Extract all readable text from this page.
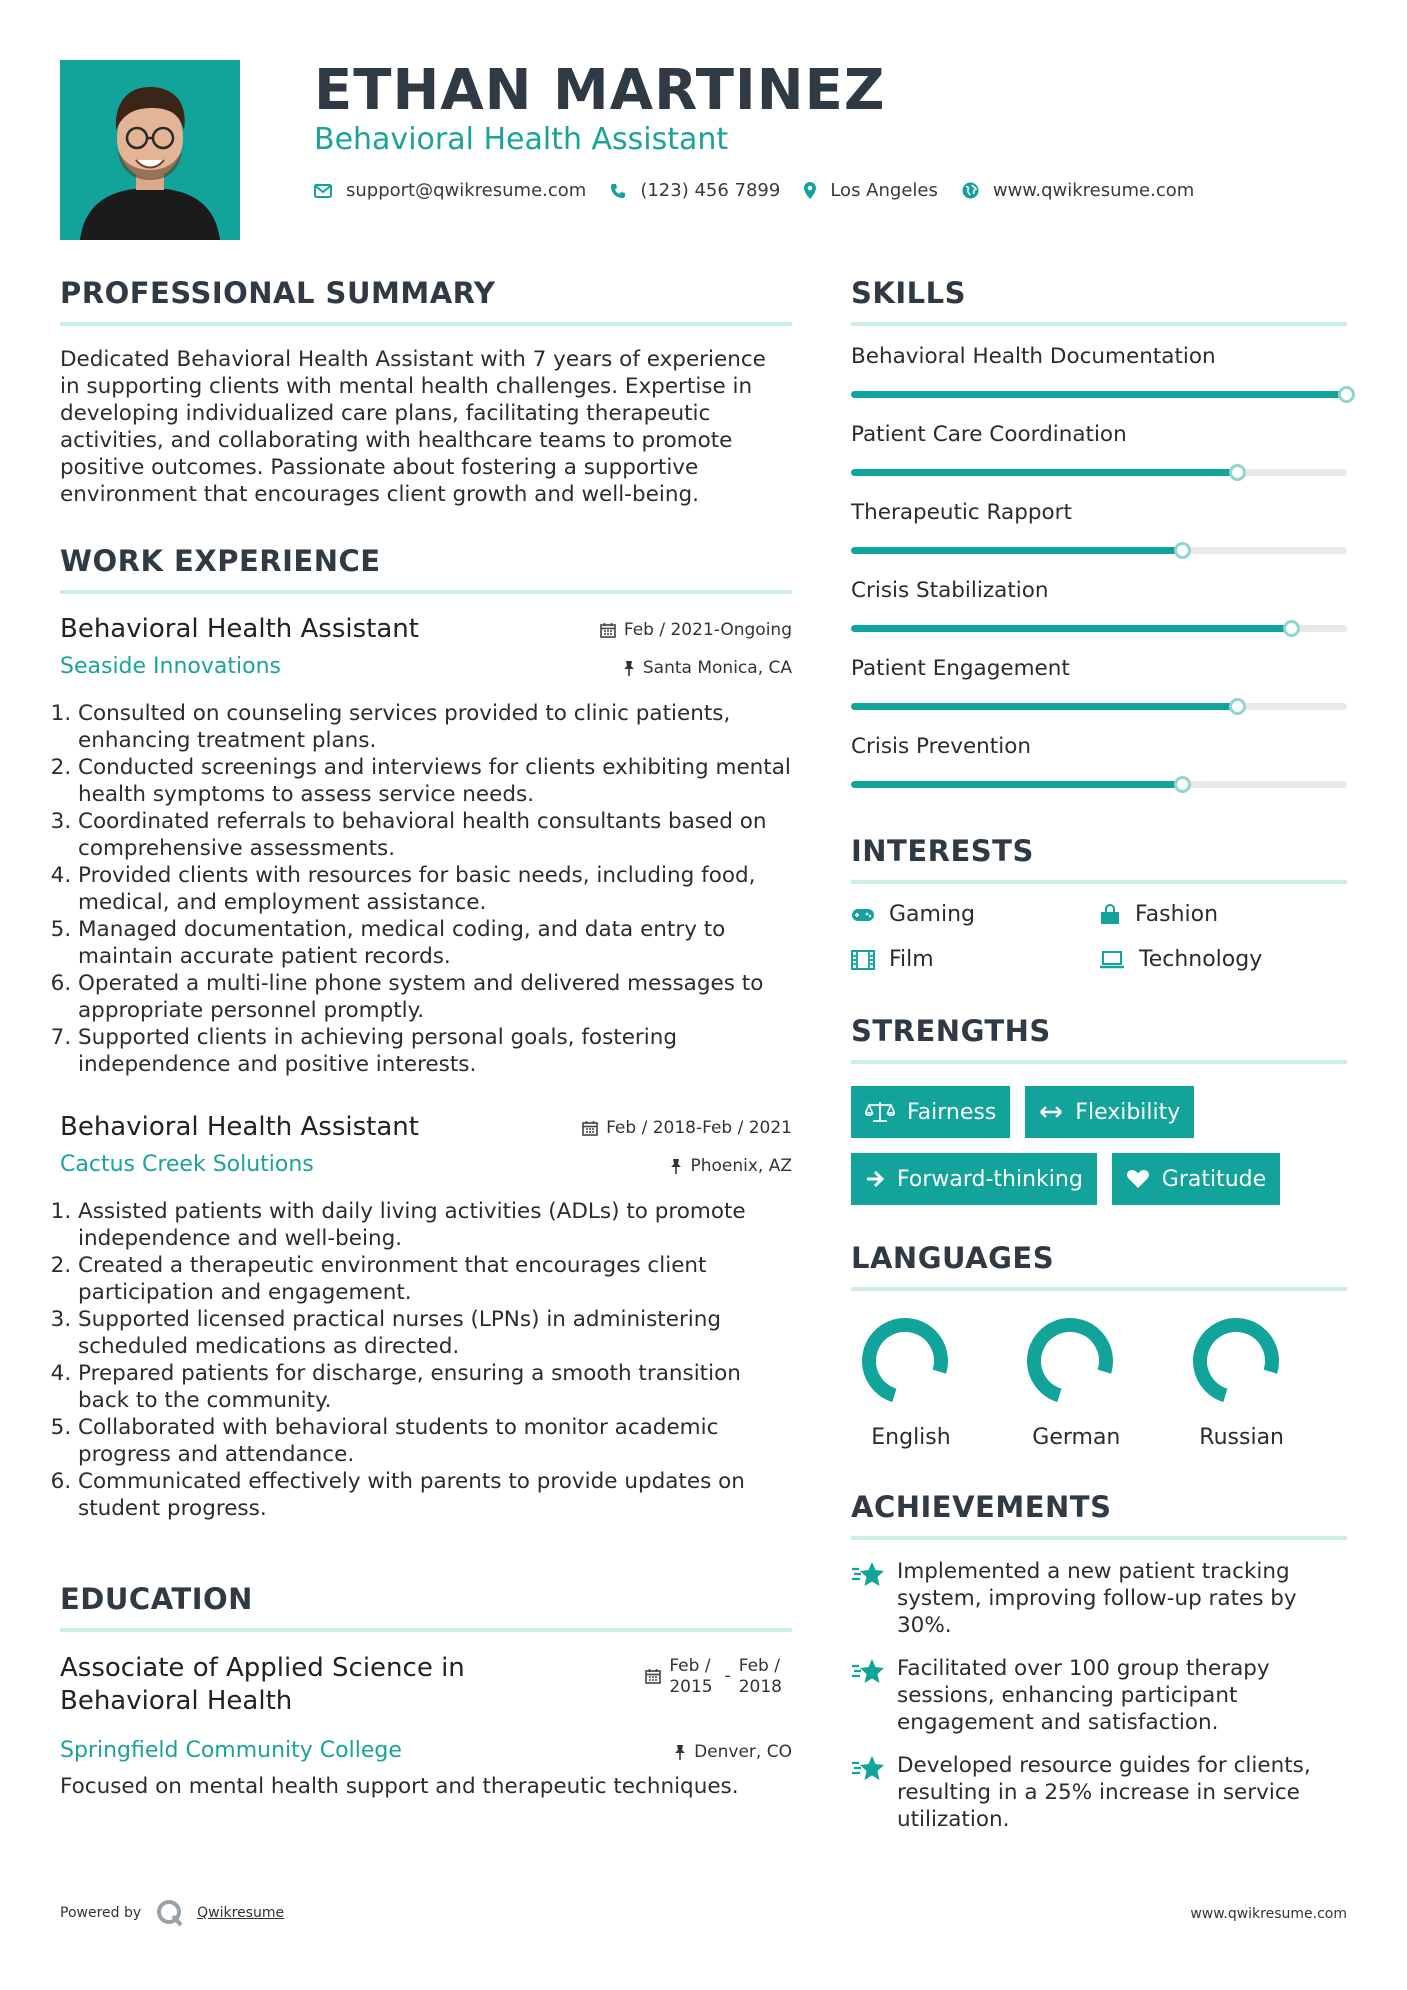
ETHAN MARTINEZ
Behavioral Health Assistant
support@qwikresume.com	(123) 456 7899	Los Angeles	www.qwikresume.com
PROFESSIONAL SUMMARY

Dedicated Behavioral Health Assistant with 7 years of experience in supporting clients with mental health challenges. Expertise in developing individualized care plans, facilitating therapeutic activities, and collaborating with healthcare teams to promote positive outcomes. Passionate about fostering a supportive environment that encourages client growth and well-being.

WORK EXPERIENCE
Behavioral Health Assistant	Feb / 2021-Ongoing
Seaside Innovations	Santa Monica, CA
1. Consulted on counseling services provided to clinic patients, enhancing treatment plans.
2. Conducted screenings and interviews for clients exhibiting mental health symptoms to assess service needs.
3. Coordinated referrals to behavioral health consultants based on comprehensive assessments.
4. Provided clients with resources for basic needs, including food, medical, and employment assistance.
5. Managed documentation, medical coding, and data entry to maintain accurate patient records.
6. Operated a multi-line phone system and delivered messages to appropriate personnel promptly.
7. Supported clients in achieving personal goals, fostering independence and positive interests.
Behavioral Health Assistant	Feb / 2018-Feb / 2021
Cactus Creek Solutions	Phoenix, AZ
1. Assisted patients with daily living activities (ADLs) to promote independence and well-being.
2. Created a therapeutic environment that encourages client participation and engagement.
3. Supported licensed practical nurses (LPNs) in administering scheduled medications as directed.
4. Prepared patients for discharge, ensuring a smooth transition back to the community.
5. Collaborated with behavioral students to monitor academic progress and attendance.
6. Communicated effectively with parents to provide updates on student progress.
EDUCATION
Associate of Applied Science in Behavioral Health
Feb /
2015
- Feb /
2018
Springfield Community College	Denver, CO
Focused on mental health support and therapeutic techniques.
SKILLS
Behavioral Health Documentation
Patient Care Coordination
Therapeutic Rapport
Crisis Stabilization
Patient Engagement
Crisis Prevention
INTERESTS
Gaming	Fashion
Film	Technology
STRENGTHS
Fairness	Flexibility
Forward-thinking	Gratitude
LANGUAGES
English	German	Russian
ACHIEVEMENTS
Implemented a new patient tracking system, improving follow-up rates by 30%.
Facilitated over 100 group therapy sessions, enhancing participant engagement and satisfaction.
Developed resource guides for clients, resulting in a 25% increase in service utilization.
Powered by	Qwikresume	www.qwikresume.com
